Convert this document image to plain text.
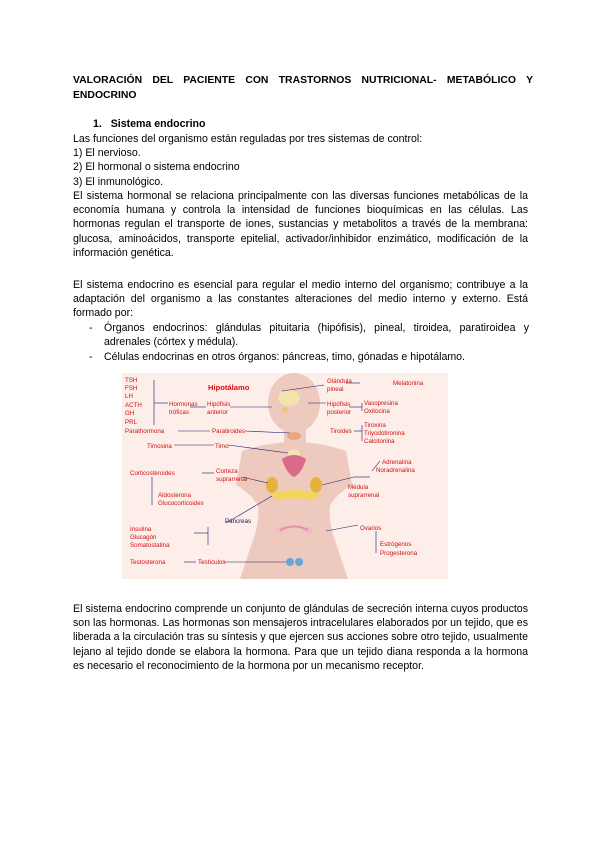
VALORACIÓN DEL PACIENTE CON TRASTORNOS NUTRICIONAL- METABÓLICO Y ENDOCRINO
1. Sistema endocrino
Las funciones del organismo están reguladas por tres sistemas de control:
1) El nervioso.
2) El hormonal o sistema endocrino
3) El inmunológico.
El sistema hormonal se relaciona principalmente con las diversas funciones metabólicas de la economía humana y controla la intensidad de funciones bioquímicas en las células. Las hormonas regulan el transporte de iones, sustancias y metabolitos a través de la membrana: glucosa, aminoácidos, transporte epitelial, activador/inhibidor enzimático, modificación de la información genética.
El sistema endocrino es esencial para regular el medio interno del organismo; contribuye a la adaptación del organismo a las constantes alteraciones del medio interno y externo. Está formado por:
- Órganos endocrinos: glándulas pituitaria (hipófisis), pineal, tiroidea, paratiroidea y adrenales (córtex y médula).
- Células endocrinas en otros órganos: páncreas, timo, gónadas e hipotálamo.
TSH
FSH
LH
ACTH
GH
PRL
Hipotálamo
Hormonas
tróficas
Hipófisis
anterior
Glándula
pineal
Melatonina
Hipófisis
posterior
Vasopresina
Oxitocina
Parathormona	Paratiroides	Tiroides
Tiroxina
Triyodotironina
Calcitonina
Timosina	Timo
Corticosteroides	Corteza
suprarrenal
Adrenalina
Noradrenalina
Médula
suprarrenal
Aldosterona
Glucocorticoides
Páncreas
Insulina
Glucagón
Somatostatina
Ovarios
Estrógenos
Progesterona
Testosterona	Testículos
El sistema endocrino comprende un conjunto de glándulas de secreción interna cuyos productos son las hormonas. Las hormonas son mensajeros intracelulares elaborados por un tejido, que es liberada a la circulación tras su síntesis y que ejercen sus acciones sobre otro tejido, usualmente lejano al tejido donde se elabora la hormona. Para que un tejido diana responda a la hormona es necesario el reconocimiento de la hormona por un mecanismo receptor.
